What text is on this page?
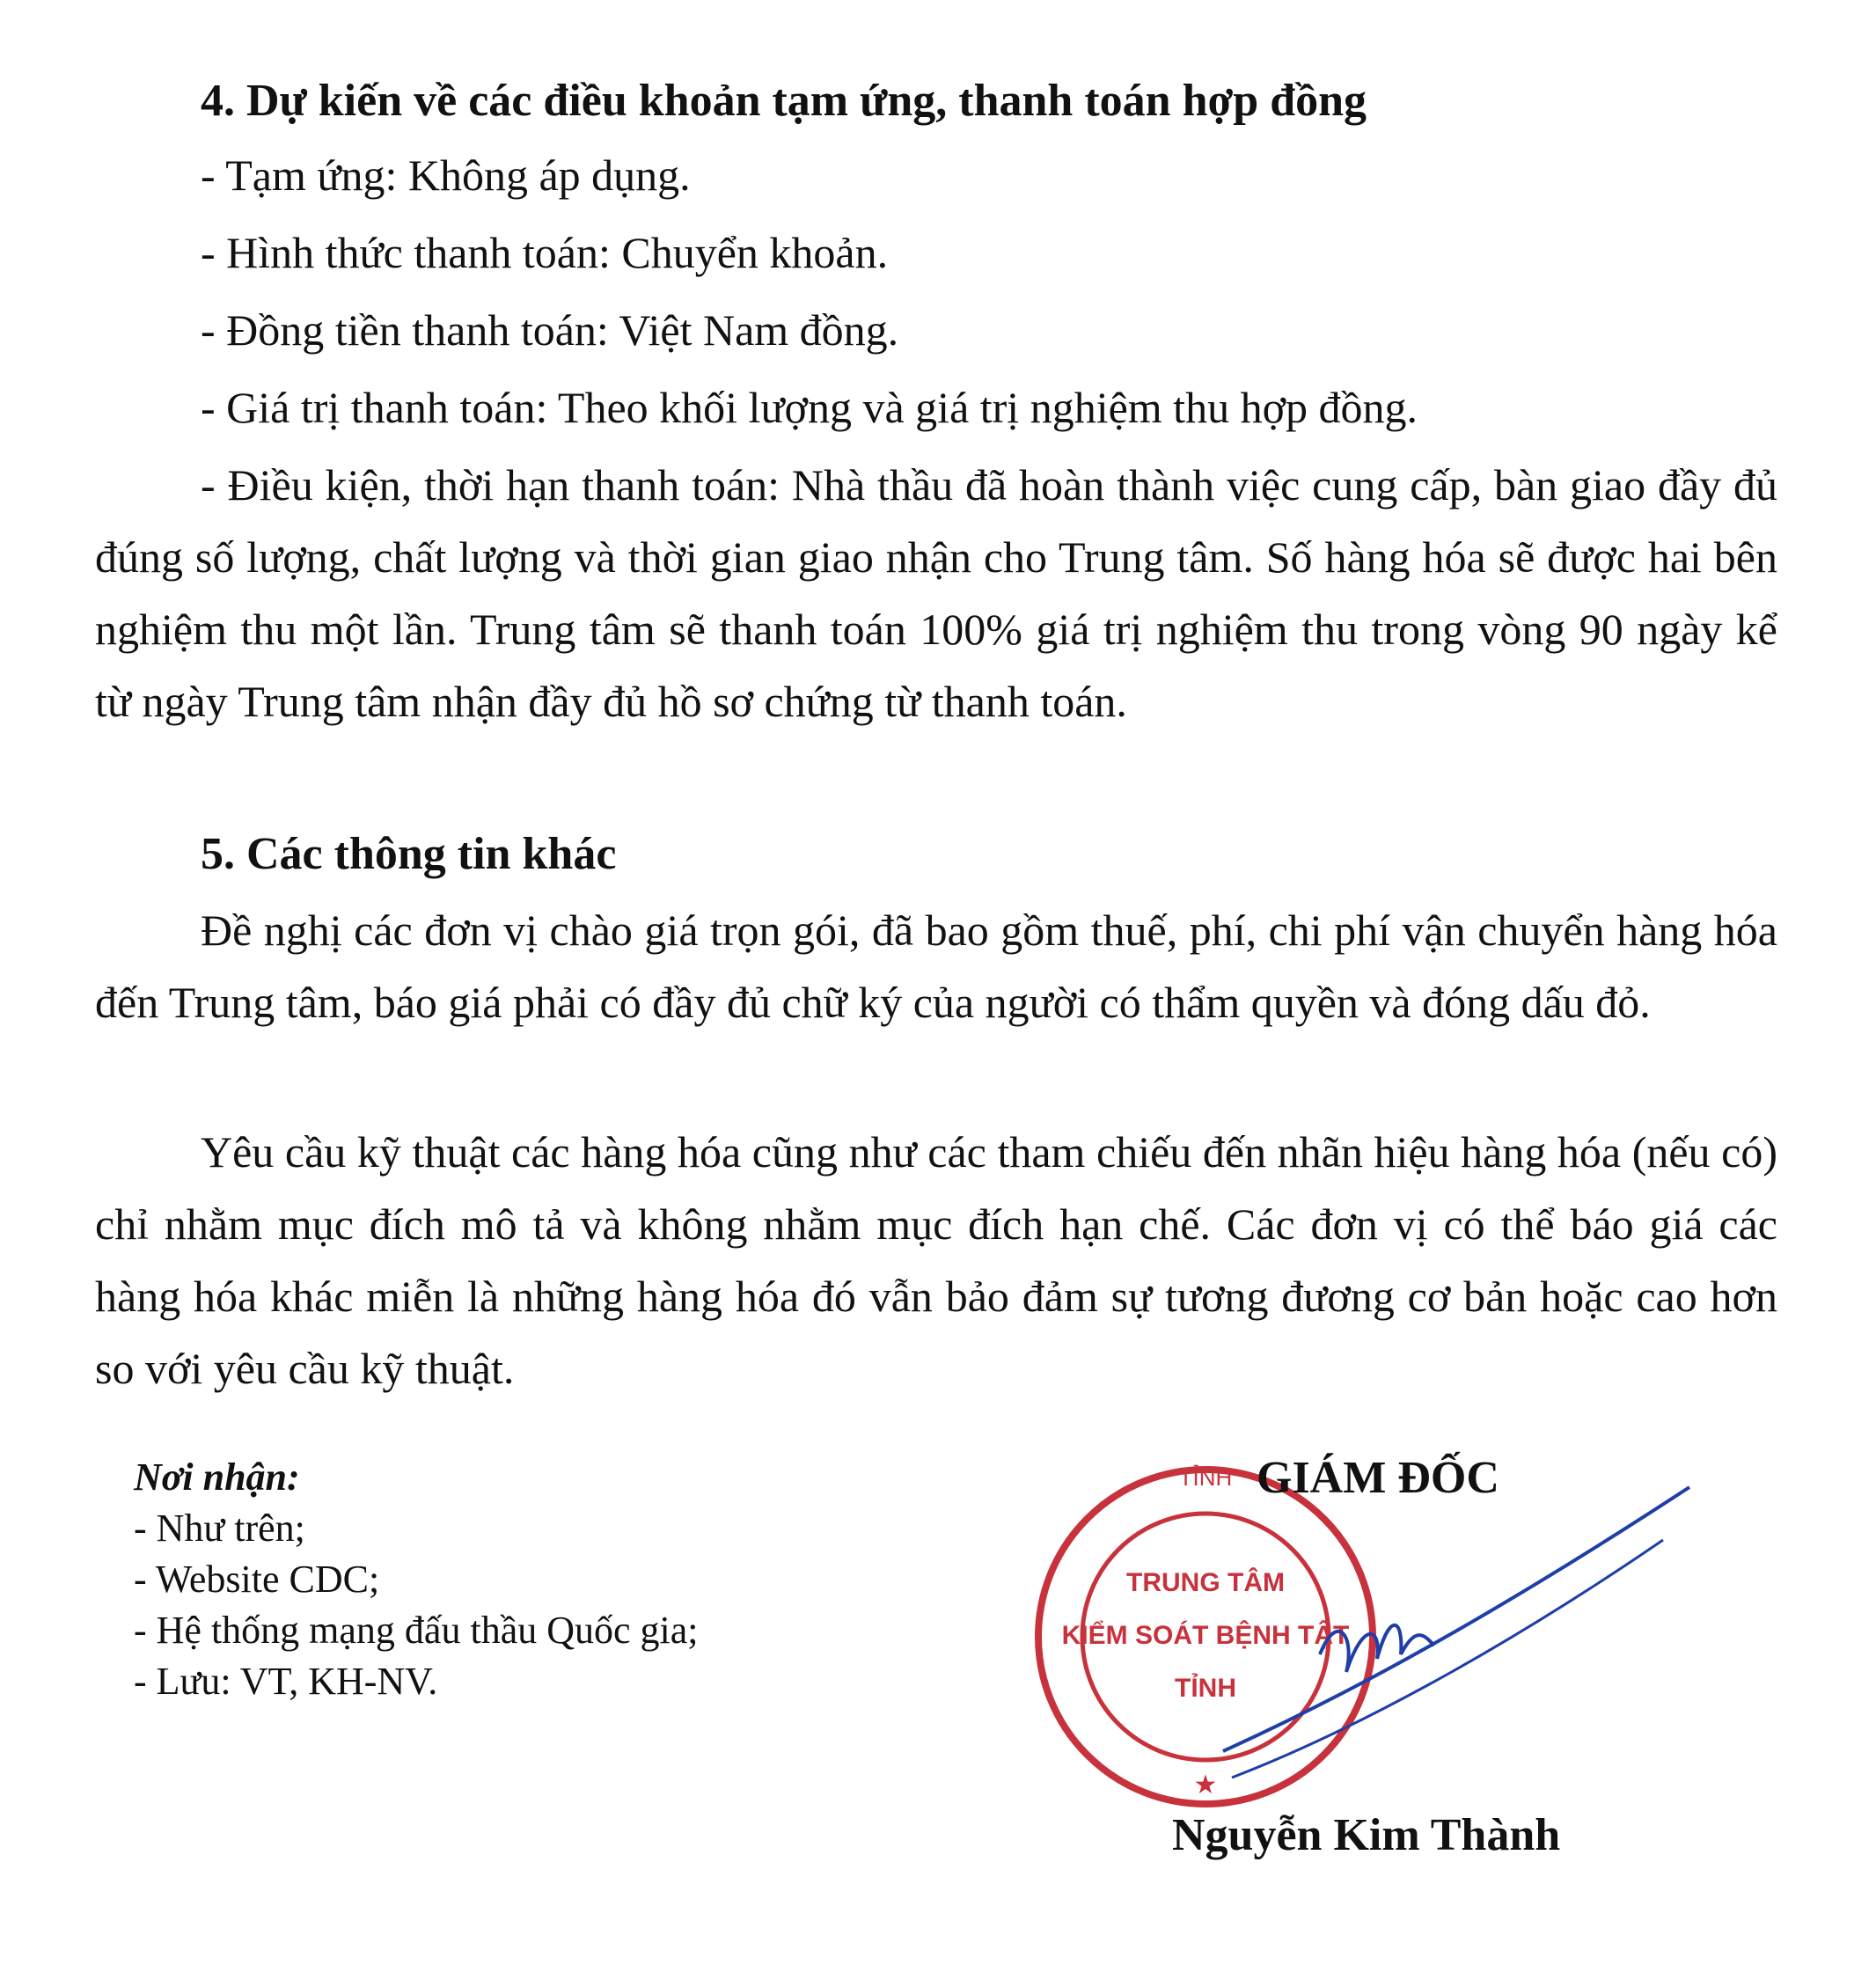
4. Dự kiến về các điều khoản tạm ứng, thanh toán hợp đồng
- Tạm ứng: Không áp dụng.
- Hình thức thanh toán: Chuyển khoản.
- Đồng tiền thanh toán: Việt Nam đồng.
- Giá trị thanh toán: Theo khối lượng và giá trị nghiệm thu hợp đồng.

- Điều kiện, thời hạn thanh toán: Nhà thầu đã hoàn thành việc cung cấp, bàn giao đầy đủ đúng số lượng, chất lượng và thời gian giao nhận cho Trung tâm. Số hàng hóa sẽ được hai bên nghiệm thu một lần. Trung tâm sẽ thanh toán 100% giá trị nghiệm thu trong vòng 90 ngày kể từ ngày Trung tâm nhận đầy đủ hồ sơ chứng từ thanh toán.

5. Các thông tin khác

Đề nghị các đơn vị chào giá trọn gói, đã bao gồm thuế, phí, chi phí vận chuyển hàng hóa đến Trung tâm, báo giá phải có đầy đủ chữ ký của người có thẩm quyền và đóng dấu đỏ.

Yêu cầu kỹ thuật các hàng hóa cũng như các tham chiếu đến nhãn hiệu hàng hóa (nếu có) chỉ nhằm mục đích mô tả và không nhằm mục đích hạn chế. Các đơn vị có thể báo giá các hàng hóa khác miễn là những hàng hóa đó vẫn bảo đảm sự tương đương cơ bản hoặc cao hơn so với yêu cầu kỹ thuật.

Nơi nhận:
- Như trên;
- Website CDC;
- Hệ thống mạng đấu thầu Quốc gia;
- Lưu: VT, KH-NV.
TỈNH
★
TRUNG TÂM
KIỂM SOÁT BỆNH TẬT
TỈNH
GIÁM ĐỐC
Nguyễn Kim Thành
